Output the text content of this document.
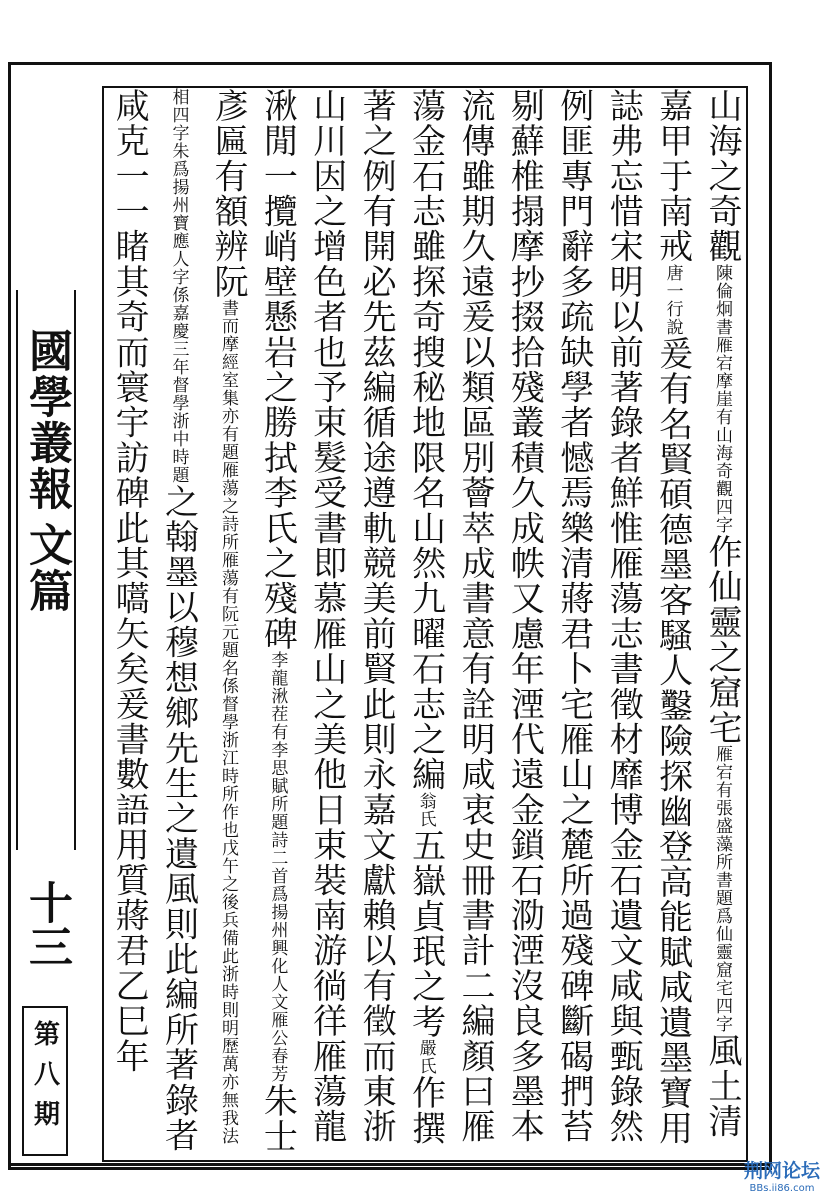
國學叢報
文篇
十三
第八期
山海之奇觀陳倫炯書雁宕摩崖有山海奇觀四字作仙靈之窟宅雁宕有張盛藻所書題爲仙靈窟宅四字風土清嘉甲于南戒唐一行說爰有名賢碩德墨客騷人鑿險探幽登高能賦咸遺墨寶用誌弗忘惜宋明以前著錄者鮮惟雁蕩志書徵材靡博金石遺文咸與甄錄然例匪專門辭多疏缺學者憾焉樂清蔣君卜宅雁山之麓所過殘碑斷碣捫苔剔蘚椎搨摩抄掇拾殘叢積久成帙又慮年湮代遠金鎖石泐湮沒良多墨本流傳雖期久遠爰以類區別薈萃成書意有詮明咸衷史冊書計二編顏曰雁蕩金石志雖探奇搜秘地限名山然九曜石志之編翁氏五嶽貞珉之考嚴氏作撰著之例有開必先茲編循途遵軌競美前賢此則永嘉文獻賴以有徵而東浙山川因之增色者也予束髮受書即慕雁山之美他日束裝南游徜徉雁蕩龍湫閒一攬峭壁懸岩之勝拭李氏之殘碑李龍湫茬有李思賦所題詩二首爲揚州興化人文雁公春芳朱士彥匾有額辨阮書而摩經室集亦有題雁蕩之詩所雁蕩有阮元題名係督學浙江時所作也戊午之後兵備此浙時則明歷萬亦無我法相四字朱爲揚州寶應人字係嘉慶三年督學浙中時題之翰墨以穆想鄉先生之遺風則此編所著錄者咸克一一睹其奇而寰宇訪碑此其嚆矢矣爰書數語用質蔣君乙巳年
荆网论坛
BBs.ii86.com
